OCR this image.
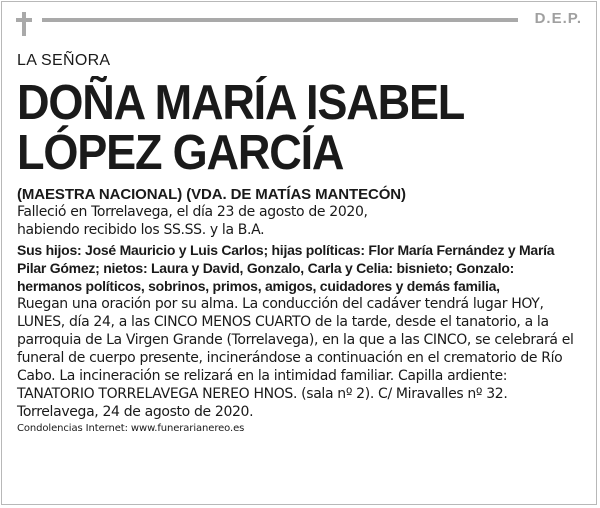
D.E.P.

LA SEÑORA

DOÑA MARÍA ISABEL

LÓPEZ GARCÍA

(MAESTRA NACIONAL) (VDA. DE MATÍAS MANTECÓN)

Falleció en Torrelavega, el día 23 de agosto de 2020,

habiendo recibido los SS.SS. y la B.A.

Sus hijos: José Mauricio y Luis Carlos; hijas políticas: Flor María Fernández y María Pilar Gómez; nietos: Laura y David, Gonzalo, Carla y Celia: bisnieto; Gonzalo: hermanos políticos, sobrinos, primos, amigos, cuidadores y demás familia,

Ruegan una oración por su alma. La conducción del cadáver tendrá lugar HOY, LUNES, día 24, a las CINCO MENOS CUARTO de la tarde, desde el tanatorio, a la parroquia de La Virgen Grande (Torrelavega), en la que a las CINCO, se celebrará el funeral de cuerpo presente, incinerándose a continuación en el crematorio de Río Cabo. La incineración se relizará en la intimidad familiar. Capilla ardiente: TANATORIO TORRELAVEGA NEREO HNOS. (sala nº 2). C/ Miravalles nº 32.

Torrelavega, 24 de agosto de 2020.

Condolencias Internet: www.funerarianereo.es
